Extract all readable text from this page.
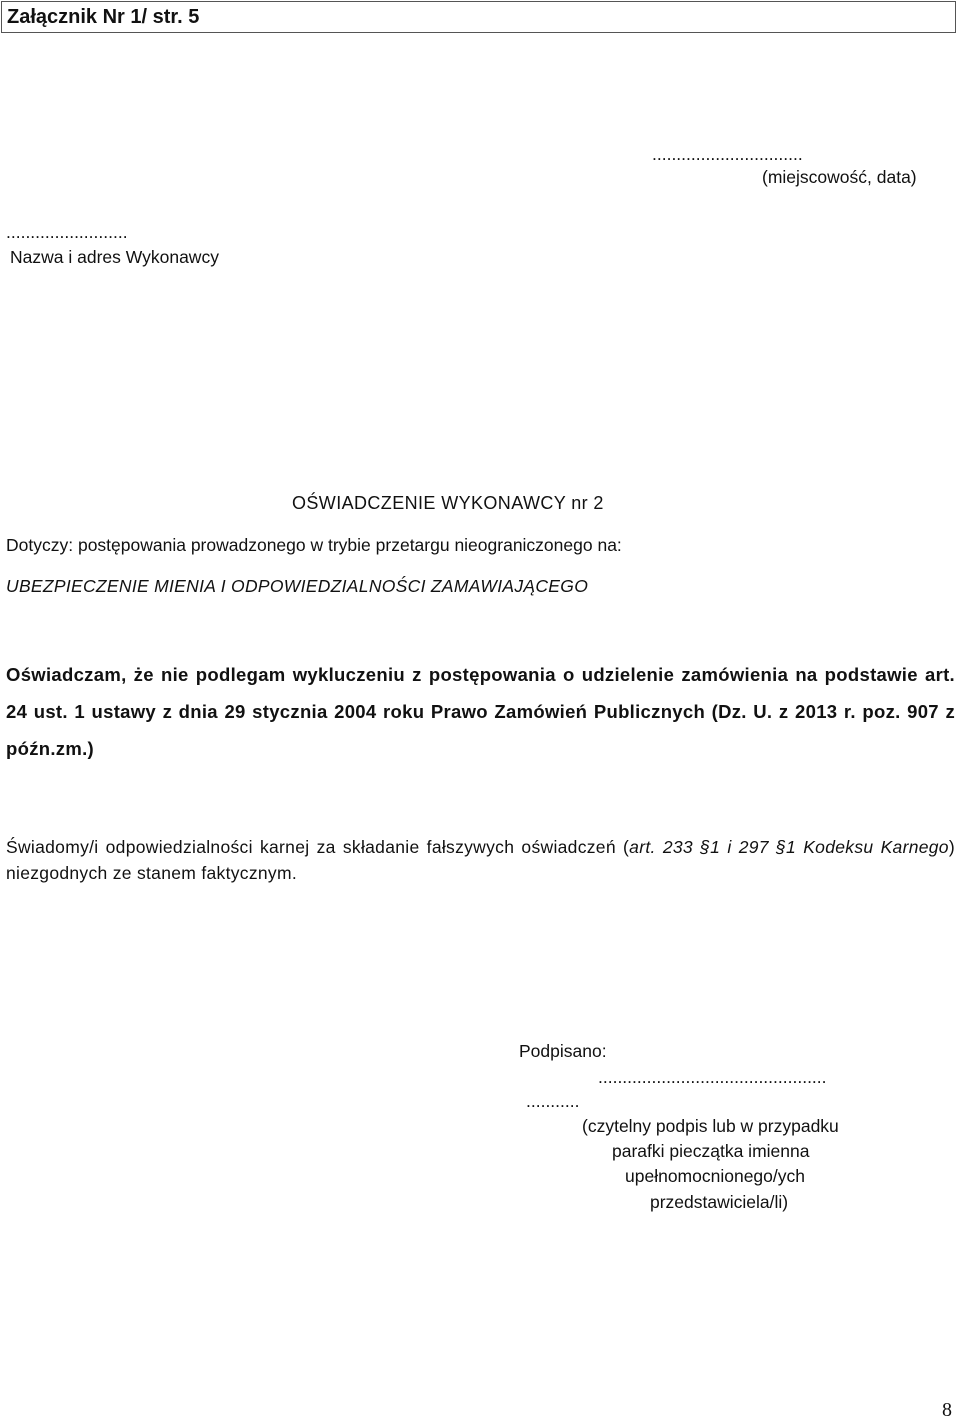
Załącznik Nr 1/ str. 5
...............................
(miejscowość, data)
.........................
Nazwa i adres Wykonawcy
OŚWIADCZENIE WYKONAWCY nr 2
Dotyczy: postępowania prowadzonego w trybie przetargu nieograniczonego na:
UBEZPIECZENIE MIENIA I ODPOWIEDZIALNOŚCI ZAMAWIAJĄCEGO
Oświadczam, że nie podlegam wykluczeniu z postępowania o udzielenie zamówienia na podstawie art. 24 ust. 1 ustawy z dnia 29 stycznia 2004 roku Prawo Zamówień Publicznych (Dz. U. z 2013 r. poz. 907 z późn.zm.)
Świadomy/i odpowiedzialności karnej za składanie fałszywych oświadczeń (art. 233 §1 i 297 §1 Kodeksu Karnego) niezgodnych ze stanem faktycznym.
Podpisano:
...............................................
...........
(czytelny podpis lub w przypadku
parafki pieczątka imienna
upełnomocnionego/ych
przedstawiciela/li)
8
